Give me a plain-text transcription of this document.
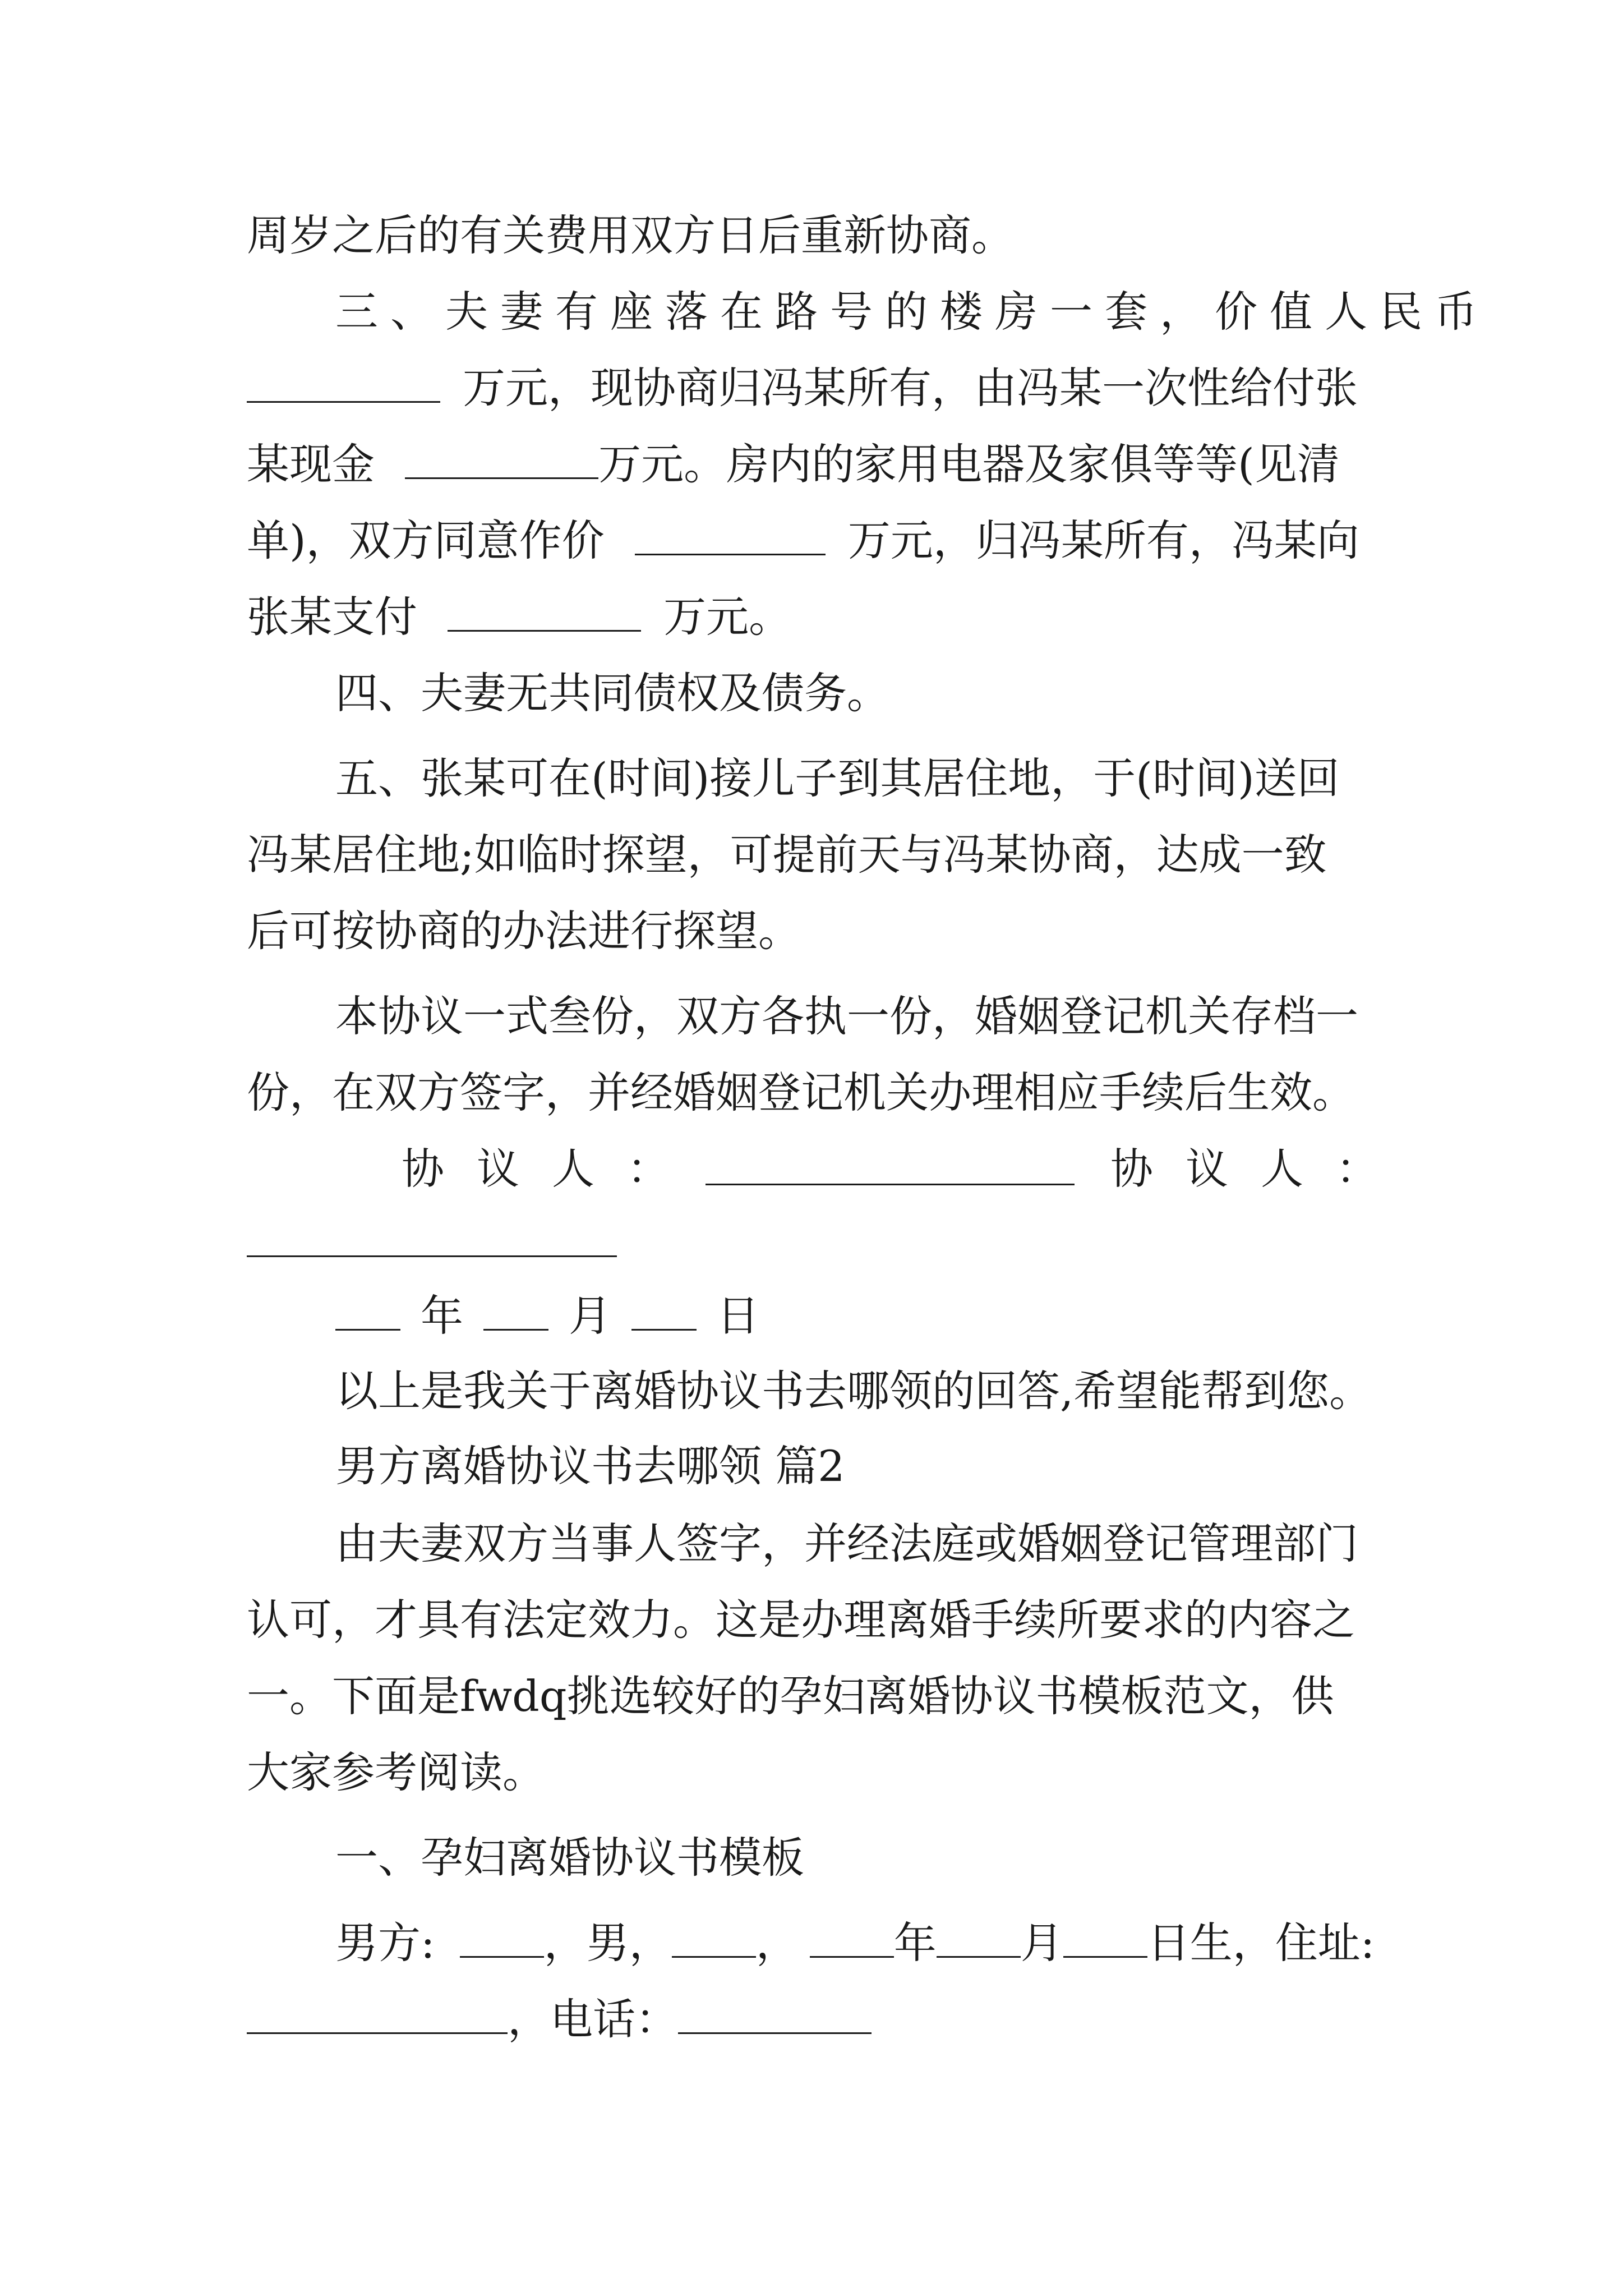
周岁之后的有关费用双方日后重新协商。
三、夫妻有座落在路号的楼房一套，价值人民币
万元，现协商归冯某所有，由冯某一次性给付张
某现金	万元。房内的家用电器及家俱等等(见清
单)，双方同意作价	万元，归冯某所有，冯某向
张某支付	万元。
四、夫妻无共同债权及债务。
五、张某可在(时间)接儿子到其居住地，于(时间)送回
冯某居住地;如临时探望，可提前天与冯某协商，达成一致
后可按协商的办法进行探望。
本协议一式叁份，双方各执一份，婚姻登记机关存档一
份，在双方签字，并经婚姻登记机关办理相应手续后生效。
协议人：	协议人：
年 月 日
以上是我关于离婚协议书去哪领的回答,希望能帮到您。
男方离婚协议书去哪领 篇2
由夫妻双方当事人签字，并经法庭或婚姻登记管理部门
认可，才具有法定效力。这是办理离婚手续所要求的内容之
一。下面是fwdq挑选较好的孕妇离婚协议书模板范文，供
大家参考阅读。
一、孕妇离婚协议书模板
男方:	，男， ， 年 月 日生，住址:
，电话：
